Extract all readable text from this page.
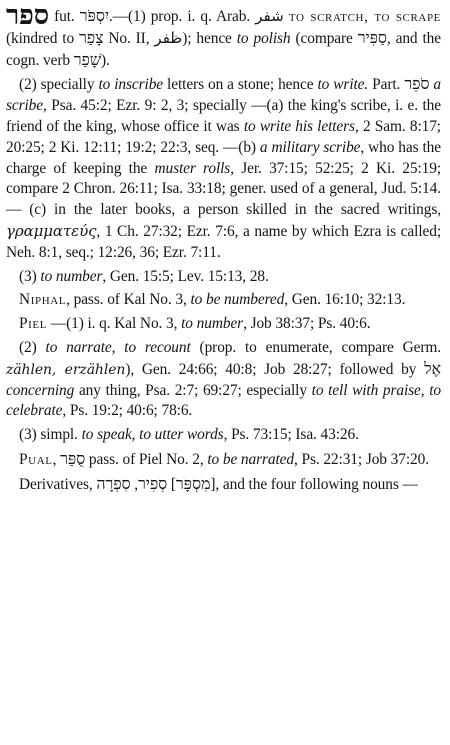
ספר fut. יִסְפֹּר.—(1) prop. i. q. Arab. شفر to scratch, to scrape (kindred to צָפַר No. II, ظفر); hence to polish (compare סַפִּיר, and the cogn. verb שָׁפַר).

(2) specially to inscribe letters on a stone; hence to write. Part. סֹפֵר a scribe, Psa. 45:2; Ezr. 9: 2, 3; specially —(a) the king's scribe, i. e. the friend of the king, whose office it was to write his letters, 2 Sam. 8:17; 20:25; 2 Ki. 12:11; 19:2; 22:3, seq. —(b) a military scribe, who has the charge of keeping the muster rolls, Jer. 37:15; 52:25; 2 Ki. 25:19; compare 2 Chron. 26:11; Isa. 33:18; gener. used of a general, Jud. 5:14.— (c) in the later books, a person skilled in the sacred writings, γραμματεύς, 1 Ch. 27:32; Ezr. 7:6, a name by which Ezra is called; Neh. 8:1, seq.; 12:26, 36; Ezr. 7:11.

(3) to number, Gen. 15:5; Lev. 15:13, 28.

Niphal, pass. of Kal No. 3, to be numbered, Gen. 16:10; 32:13.

Piel —(1) i. q. Kal No. 3, to number, Job 38:37; Ps. 40:6.

(2) to narrate, to recount (prop. to enumerate, compare Germ. zählen, erzählen), Gen. 24:66; 40:8; Job 28:27; followed by אֶל concerning any thing, Psa. 2:7; 69:27; especially to tell with praise, to celebrate, Ps. 19:2; 40:6; 78:6.

(3) simpl. to speak, to utter words, Ps. 73:15; Isa. 43:26.

Pual, סֻפַּר pass. of Piel No. 2, to be narrated, Ps. 22:31; Job 37:20.

Derivatives, סִפְרָה ,סְפִיר [מִסְפָּר], and the four following nouns —
